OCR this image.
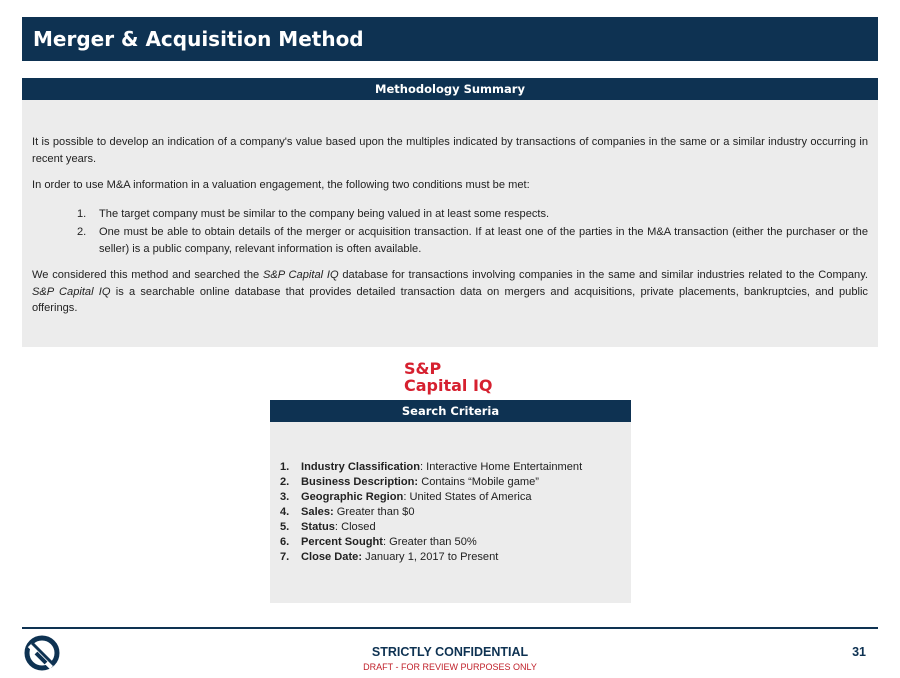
Merger & Acquisition Method
Methodology Summary

It is possible to develop an indication of a company's value based upon the multiples indicated by transactions of companies in the same or a similar industry occurring in recent years.

In order to use M&A information in a valuation engagement, the following two conditions must be met:

1.	The target company must be similar to the company being valued in at least some respects.
2.	One must be able to obtain details of the merger or acquisition transaction. If at least one of the parties in the M&A transaction (either the purchaser or the seller) is a public company, relevant information is often available.

We considered this method and searched the S&P Capital IQ database for transactions involving companies in the same and similar industries related to the Company. S&P Capital IQ is a searchable online database that provides detailed transaction data on mergers and acquisitions, private placements, bankruptcies, and public offerings.

S&P
Capital IQ
Search Criteria
1.	Industry Classification: Interactive Home Entertainment
2.	Business Description: Contains “Mobile game”
3.	Geographic Region: United States of America
4.	Sales: Greater than $0
5.	Status: Closed
6.	Percent Sought: Greater than 50%
7.	Close Date: January 1, 2017 to Present
STRICTLY CONFIDENTIAL
DRAFT - FOR REVIEW PURPOSES ONLY
31
